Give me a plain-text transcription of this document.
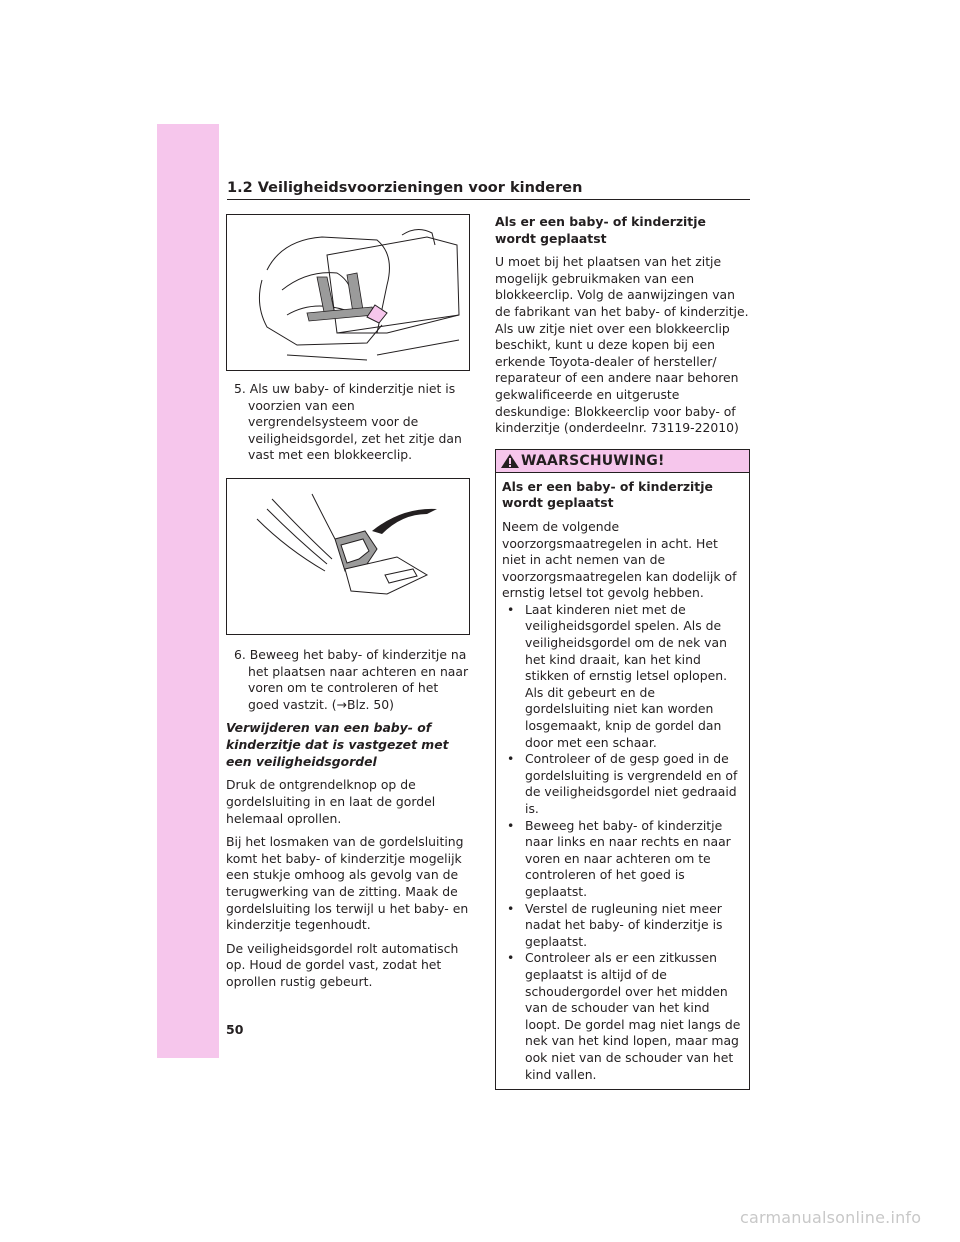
1.2 Veiligheidsvoorzieningen voor kinderen
5. Als uw baby- of kinderzitje niet is voorzien van een vergrendelsysteem voor de veiligheidsgordel, zet het zitje dan vast met een blokkeerclip.
6. Beweeg het baby- of kinderzitje na het plaatsen naar achteren en naar voren om te controleren of het goed vastzit. (→Blz. 50)
Verwijderen van een baby- of kinderzitje dat is vastgezet met een veiligheidsgordel

Druk de ontgrendelknop op de gordelsluiting in en laat de gordel helemaal oprollen.

Bij het losmaken van de gordelsluiting komt het baby- of kinderzitje mogelijk een stukje omhoog als gevolg van de terugwerking van de zitting. Maak de gordelsluiting los terwijl u het baby- en kinderzitje tegenhoudt.

De veiligheidsgordel rolt automatisch op. Houd de gordel vast, zodat het oprollen rustig gebeurt.

Als er een baby- of kinderzitje wordt geplaatst

U moet bij het plaatsen van het zitje mogelijk gebruikmaken van een blokkeerclip. Volg de aanwijzingen van de fabrikant van het baby- of kinderzitje. Als uw zitje niet over een blokkeerclip beschikt, kunt u deze kopen bij een erkende Toyota-dealer of hersteller/ reparateur of een andere naar behoren gekwalificeerde en uitgeruste deskundige: Blokkeerclip voor baby- of kinderzitje (onderdeelnr. 73119-22010)

WAARSCHUWING!
Als er een baby- of kinderzitje wordt geplaatst

Neem de volgende voorzorgsmaatregelen in acht. Het niet in acht nemen van de voorzorgsmaatregelen kan dodelijk of ernstig letsel tot gevolg hebben.

• Laat kinderen niet met de veiligheidsgordel spelen. Als de veiligheidsgordel om de nek van het kind draait, kan het kind stikken of ernstig letsel oplopen. Als dit gebeurt en de gordelsluiting niet kan worden losgemaakt, knip de gordel dan door met een schaar.
• Controleer of de gesp goed in de gordelsluiting is vergrendeld en of de veiligheidsgordel niet gedraaid is.
• Beweeg het baby- of kinderzitje naar links en naar rechts en naar voren en naar achteren om te controleren of het goed is geplaatst.
• Verstel de rugleuning niet meer nadat het baby- of kinderzitje is geplaatst.
• Controleer als er een zitkussen geplaatst is altijd of de schoudergordel over het midden van de schouder van het kind loopt. De gordel mag niet langs de nek van het kind lopen, maar mag ook niet van de schouder van het kind vallen.
50
carmanualsonline.info
